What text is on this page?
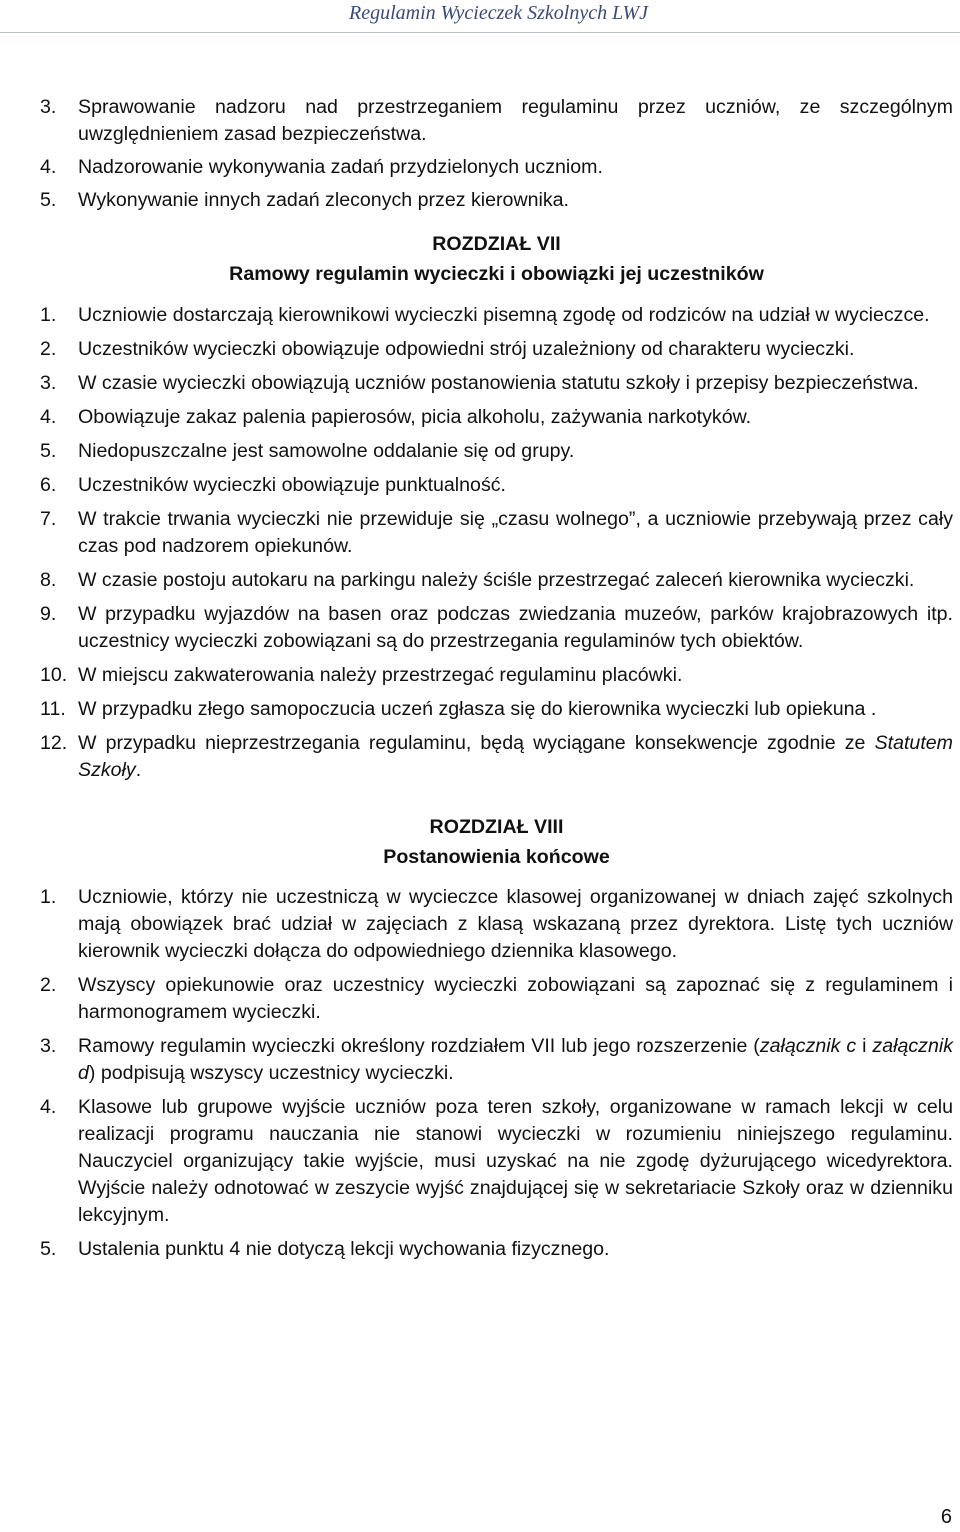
Regulamin Wycieczek Szkolnych LWJ
3. Sprawowanie nadzoru nad przestrzeganiem regulaminu przez uczniów, ze szczególnym uwzględnieniem zasad bezpieczeństwa.
4. Nadzorowanie wykonywania zadań przydzielonych uczniom.
5. Wykonywanie innych zadań zleconych przez kierownika.
ROZDZIAŁ VII
Ramowy regulamin wycieczki i obowiązki jej uczestników
1. Uczniowie dostarczają kierownikowi wycieczki pisemną zgodę od rodziców na udział w wycieczce.
2. Uczestników wycieczki obowiązuje odpowiedni strój uzależniony od charakteru wycieczki.
3. W czasie wycieczki obowiązują uczniów postanowienia statutu szkoły i przepisy bezpieczeństwa.
4. Obowiązuje zakaz palenia papierosów, picia alkoholu, zażywania narkotyków.
5. Niedopuszczalne jest samowolne oddalanie się od grupy.
6. Uczestników wycieczki obowiązuje punktualność.
7. W trakcie trwania wycieczki nie przewiduje się „czasu wolnego”, a uczniowie przebywają przez cały czas pod nadzorem opiekunów.
8. W czasie postoju autokaru na parkingu należy ściśle przestrzegać zaleceń kierownika wycieczki.
9. W przypadku wyjazdów na basen oraz podczas zwiedzania muzeów, parków krajobrazowych itp. uczestnicy wycieczki zobowiązani są do przestrzegania regulaminów tych obiektów.
10. W miejscu zakwaterowania należy przestrzegać regulaminu placówki.
11. W przypadku złego samopoczucia uczeń zgłasza się do kierownika wycieczki lub opiekuna .
12. W przypadku nieprzestrzegania regulaminu, będą wyciągane konsekwencje zgodnie ze Statutem Szkoły.
ROZDZIAŁ VIII
Postanowienia końcowe
1. Uczniowie, którzy nie uczestniczą w wycieczce klasowej organizowanej w dniach zajęć szkolnych mają obowiązek brać udział w zajęciach z klasą wskazaną przez dyrektora. Listę tych uczniów kierownik wycieczki dołącza do odpowiedniego dziennika klasowego.
2. Wszyscy opiekunowie oraz uczestnicy wycieczki zobowiązani są zapoznać się z regulaminem i harmonogramem wycieczki.
3. Ramowy regulamin wycieczki określony rozdziałem VII lub jego rozszerzenie (załącznik c i załącznik d) podpisują wszyscy uczestnicy wycieczki.
4. Klasowe lub grupowe wyjście uczniów poza teren szkoły, organizowane w ramach lekcji w celu realizacji programu nauczania nie stanowi wycieczki w rozumieniu niniejszego regulaminu. Nauczyciel organizujący takie wyjście, musi uzyskać na nie zgodę dyżurującego wicedyrektora. Wyjście należy odnotować w zeszycie wyjść znajdującej się w sekretariacie Szkoły oraz w dzienniku lekcyjnym.
5. Ustalenia punktu 4 nie dotyczą lekcji wychowania fizycznego.
6
